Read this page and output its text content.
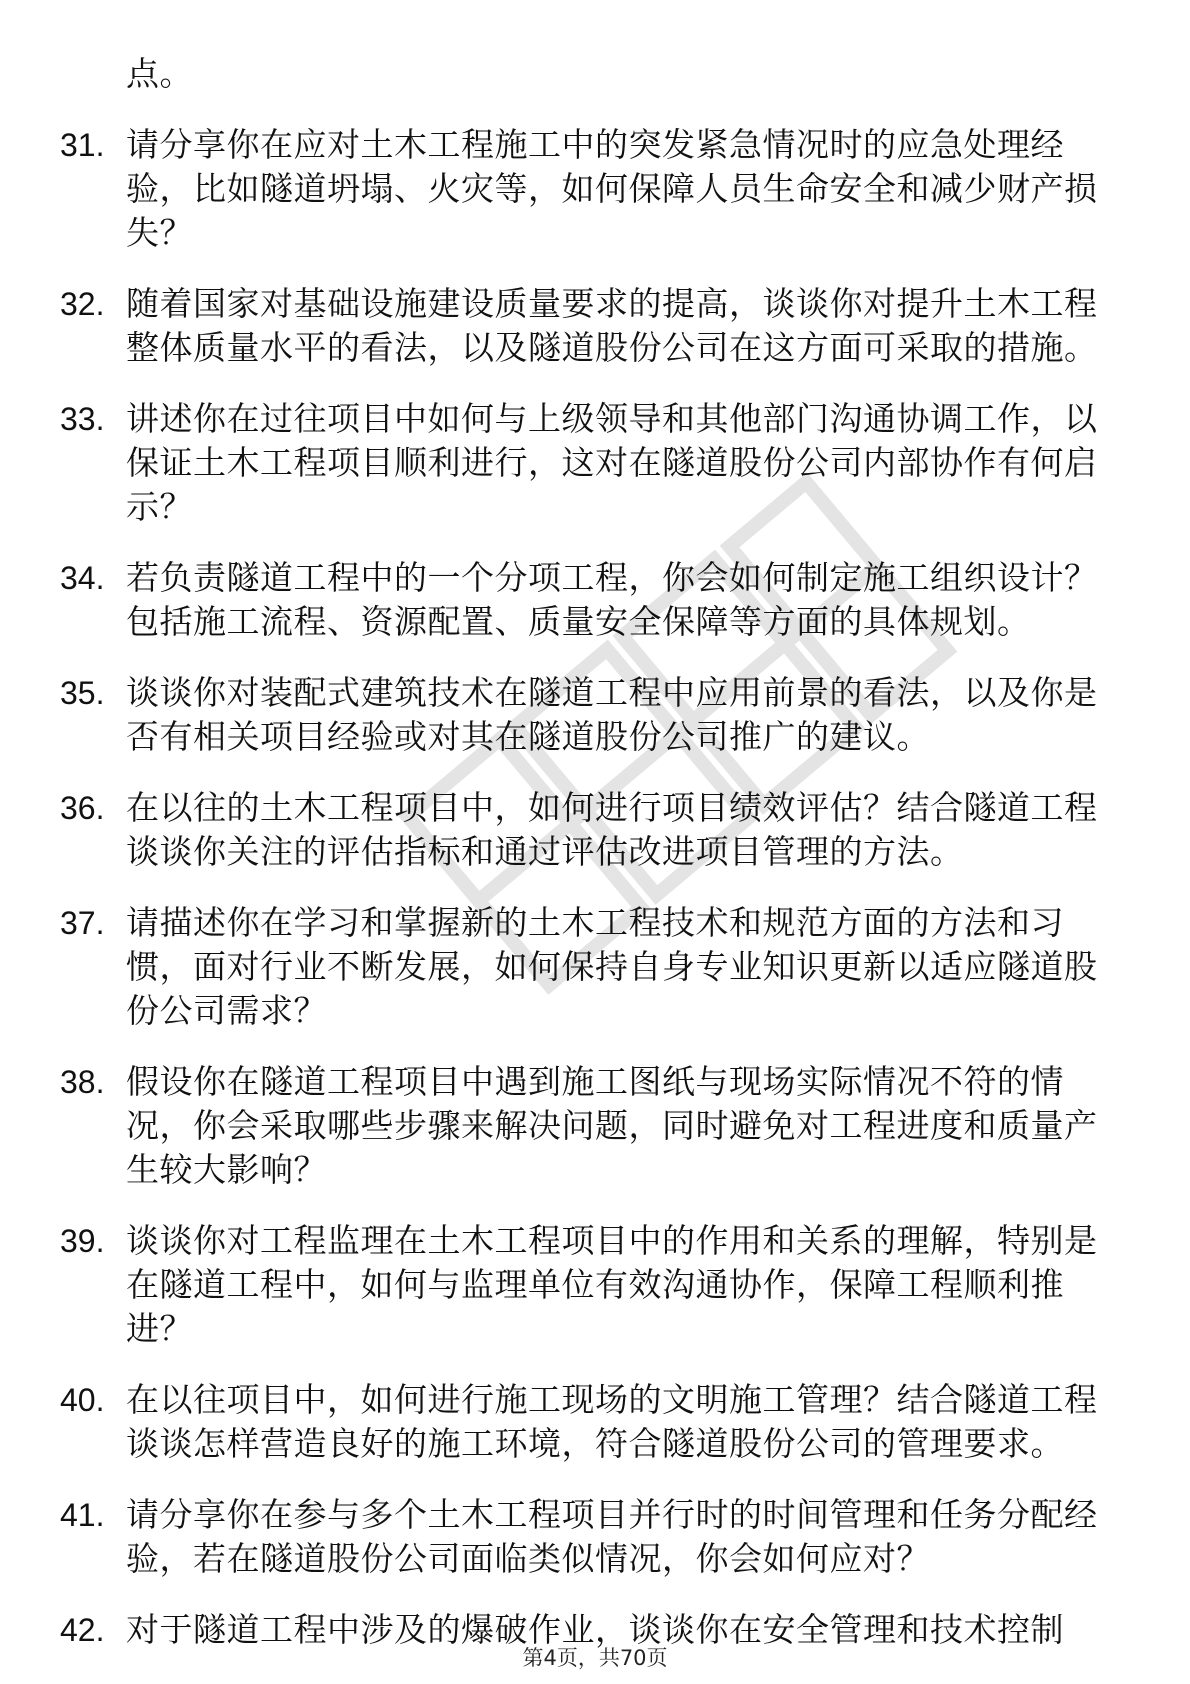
点。
31. 请分享你在应对土木工程施工中的突发紧急情况时的应急处理经验，比如隧道坍塌、火灾等，如何保障人员生命安全和减少财产损失？
32. 随着国家对基础设施建设质量要求的提高，谈谈你对提升土木工程整体质量水平的看法，以及隧道股份公司在这方面可采取的措施。
33. 讲述你在过往项目中如何与上级领导和其他部门沟通协调工作，以保证土木工程项目顺利进行，这对在隧道股份公司内部协作有何启示？
34. 若负责隧道工程中的一个分项工程，你会如何制定施工组织设计？包括施工流程、资源配置、质量安全保障等方面的具体规划。
35. 谈谈你对装配式建筑技术在隧道工程中应用前景的看法，以及你是否有相关项目经验或对其在隧道股份公司推广的建议。
36. 在以往的土木工程项目中，如何进行项目绩效评估？结合隧道工程谈谈你关注的评估指标和通过评估改进项目管理的方法。
37. 请描述你在学习和掌握新的土木工程技术和规范方面的方法和习惯，面对行业不断发展，如何保持自身专业知识更新以适应隧道股份公司需求？
38. 假设你在隧道工程项目中遇到施工图纸与现场实际情况不符的情况，你会采取哪些步骤来解决问题，同时避免对工程进度和质量产生较大影响？
39. 谈谈你对工程监理在土木工程项目中的作用和关系的理解，特别是在隧道工程中，如何与监理单位有效沟通协作，保障工程顺利推进？
40. 在以往项目中，如何进行施工现场的文明施工管理？结合隧道工程谈谈怎样营造良好的施工环境，符合隧道股份公司的管理要求。
41. 请分享你在参与多个土木工程项目并行时的时间管理和任务分配经验，若在隧道股份公司面临类似情况，你会如何应对？
42. 对于隧道工程中涉及的爆破作业，谈谈你在安全管理和技术控制
第4页，共70页
